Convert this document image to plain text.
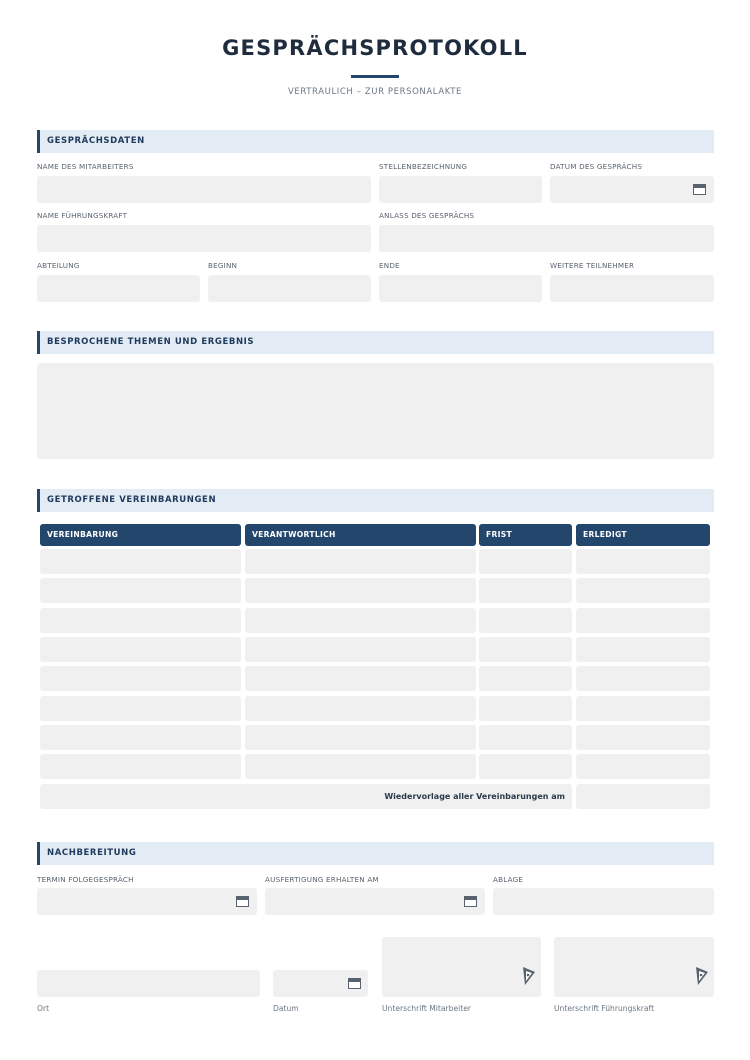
GESPRÄCHSPROTOKOLL
VERTRAULICH – ZUR PERSONALAKTE
GESPRÄCHSDATEN
NAME DES MITARBEITERS	STELLENBEZEICHNUNG	DATUM DES GESPRÄCHS
NAME FÜHRUNGSKRAFT	ANLASS DES GESPRÄCHS
ABTEILUNG	BEGINN	ENDE	WEITERE TEILNEHMER
BESPROCHENE THEMEN UND ERGEBNIS
GETROFFENE VEREINBARUNGEN
VEREINBARUNG	VERANTWORTLICH	FRIST	ERLEDIGT
Wiedervorlage aller Vereinbarungen am
NACHBEREITUNG
TERMIN FOLGEGESPRÄCH	AUSFERTIGUNG ERHALTEN AM	ABLAGE
Ort	Datum	Unterschrift Mitarbeiter	Unterschrift Führungskraft
